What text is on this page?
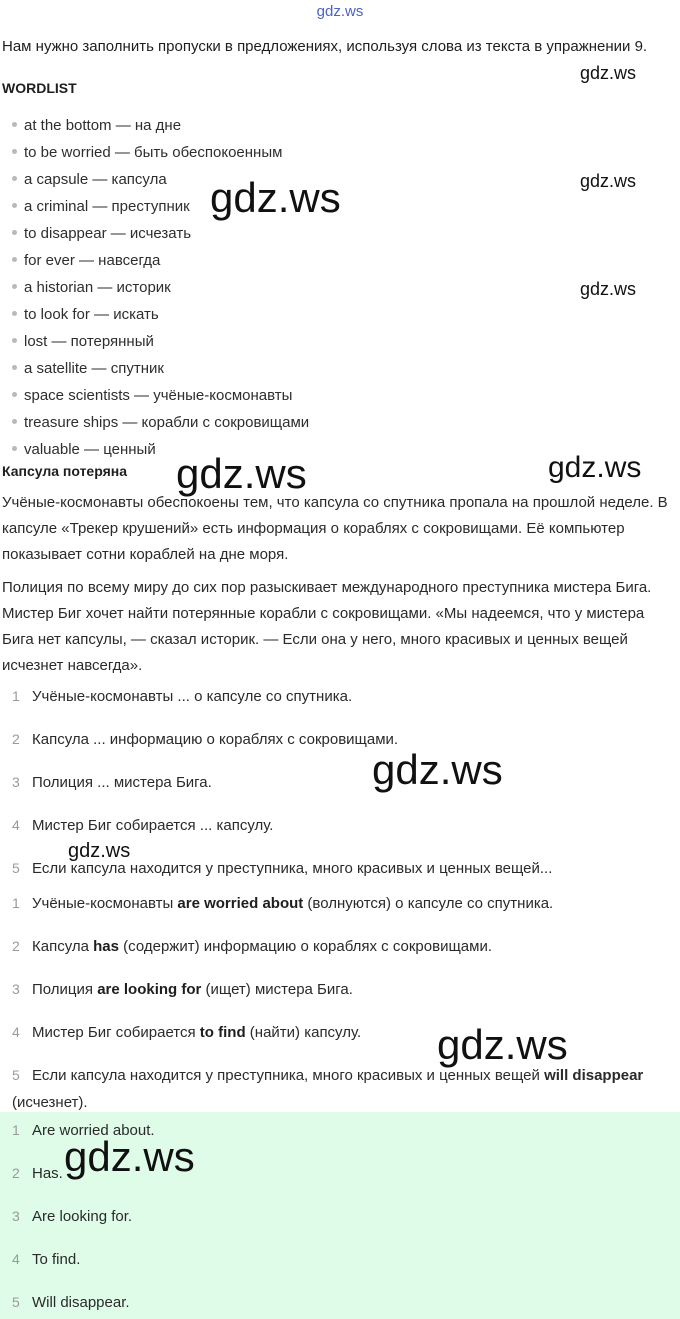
gdz.ws
Нам нужно заполнить пропуски в предложениях, используя слова из текста в упражнении 9.
WORDLIST
at the bottom — на дне
to be worried — быть обеспокоенным
a capsule — капсула
a criminal — преступник
to disappear — исчезать
for ever — навсегда
a historian — историк
to look for — искать
lost — потерянный
a satellite — спутник
space scientists — учёные-космонавты
treasure ships — корабли с сокровищами
valuable — ценный
Капсула потеряна
Учёные-космонавты обеспокоены тем, что капсула со спутника пропала на прошлой неделе. В капсуле «Трекер крушений» есть информация о кораблях с сокровищами. Её компьютер показывает сотни кораблей на дне моря.
Полиция по всему миру до сих пор разыскивает международного преступника мистера Бига. Мистер Биг хочет найти потерянные корабли с сокровищами. «Мы надеемся, что у мистера Бига нет капсулы, — сказал историк. — Если она у него, много красивых и ценных вещей исчезнет навсегда».
1 Учёные-космонавты ... о капсуле со спутника.
2 Капсула ... информацию о кораблях с сокровищами.
3 Полиция ... мистера Бига.
4 Мистер Биг собирается ... капсулу.
5 Если капсула находится у преступника, много красивых и ценных вещей...
1 Учёные-космонавты are worried about (волнуются) о капсуле со спутника.
2 Капсула has (содержит) информацию о кораблях с сокровищами.
3 Полиция are looking for (ищет) мистера Бига.
4 Мистер Биг собирается to find (найти) капсулу.
5 Если капсула находится у преступника, много красивых и ценных вещей will disappear (исчезнет).
1 Are worried about.
2 Has.
3 Are looking for.
4 To find.
5 Will disappear.
gdz.ws
gdz.ws
gdz.ws
gdz.ws
gdz.ws	gdz.ws
gdz.ws
gdz.ws
gdz.ws
gdz.ws
